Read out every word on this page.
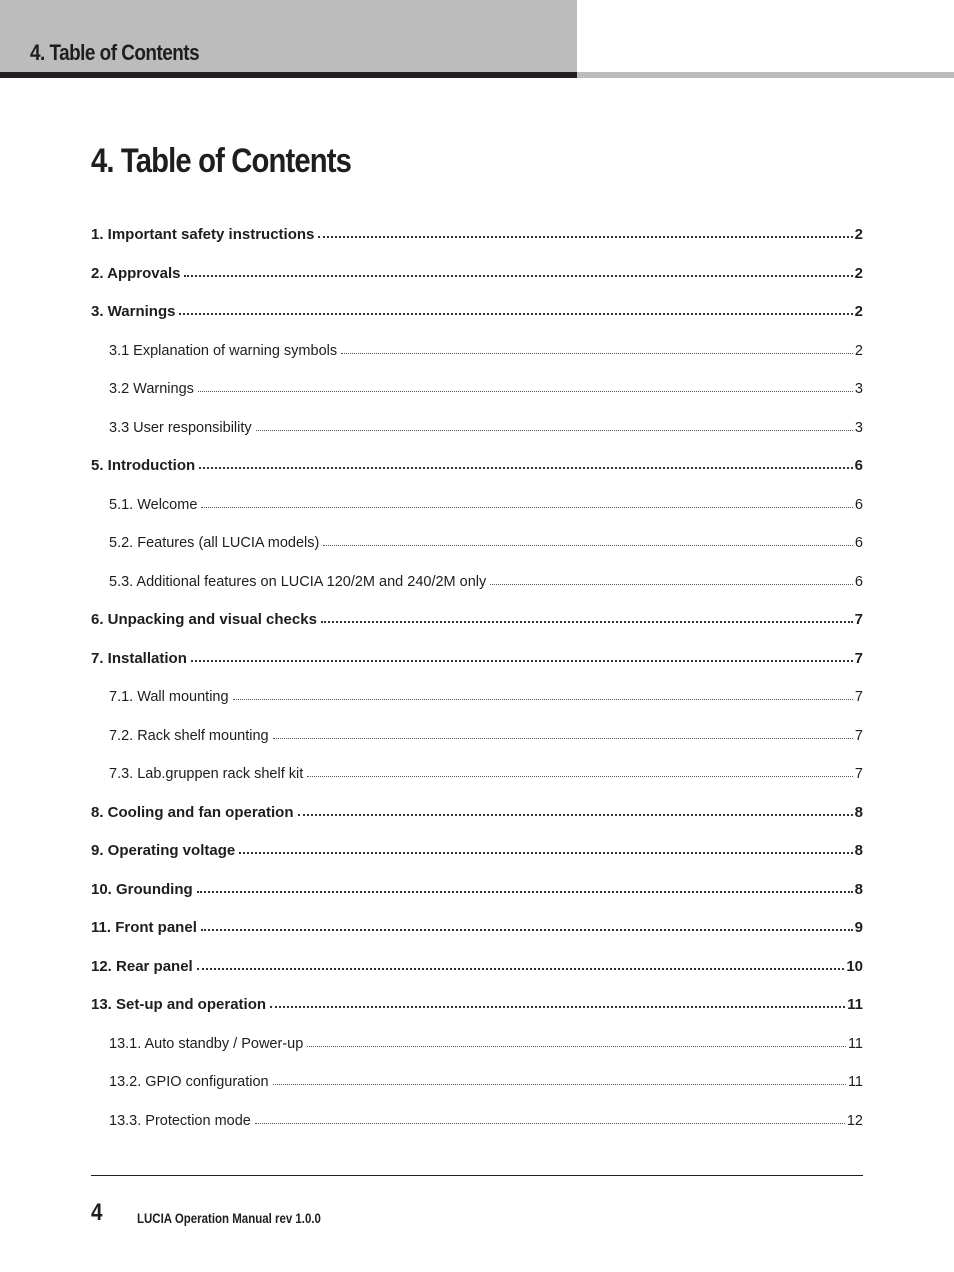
4. Table of Contents
4. Table of Contents
1. Important safety instructions	2
2. Approvals	2
3. Warnings	2
3.1 Explanation of warning symbols	2
3.2 Warnings	3
3.3 User responsibility	3
5. Introduction	6
5.1. Welcome	6
5.2. Features (all LUCIA models)	6
5.3. Additional features on LUCIA 120/2M and 240/2M only	6
6. Unpacking and visual checks	7
7. Installation	7
7.1. Wall mounting	7
7.2. Rack shelf mounting	7
7.3. Lab.gruppen rack shelf kit	7
8. Cooling and fan operation	8
9. Operating voltage	8
10. Grounding	8
11. Front panel	9
12. Rear panel	10
13. Set-up and operation	11
13.1. Auto standby / Power-up	11
13.2. GPIO configuration	11
13.3. Protection mode	12
4 LUCIA Operation Manual rev 1.0.0
